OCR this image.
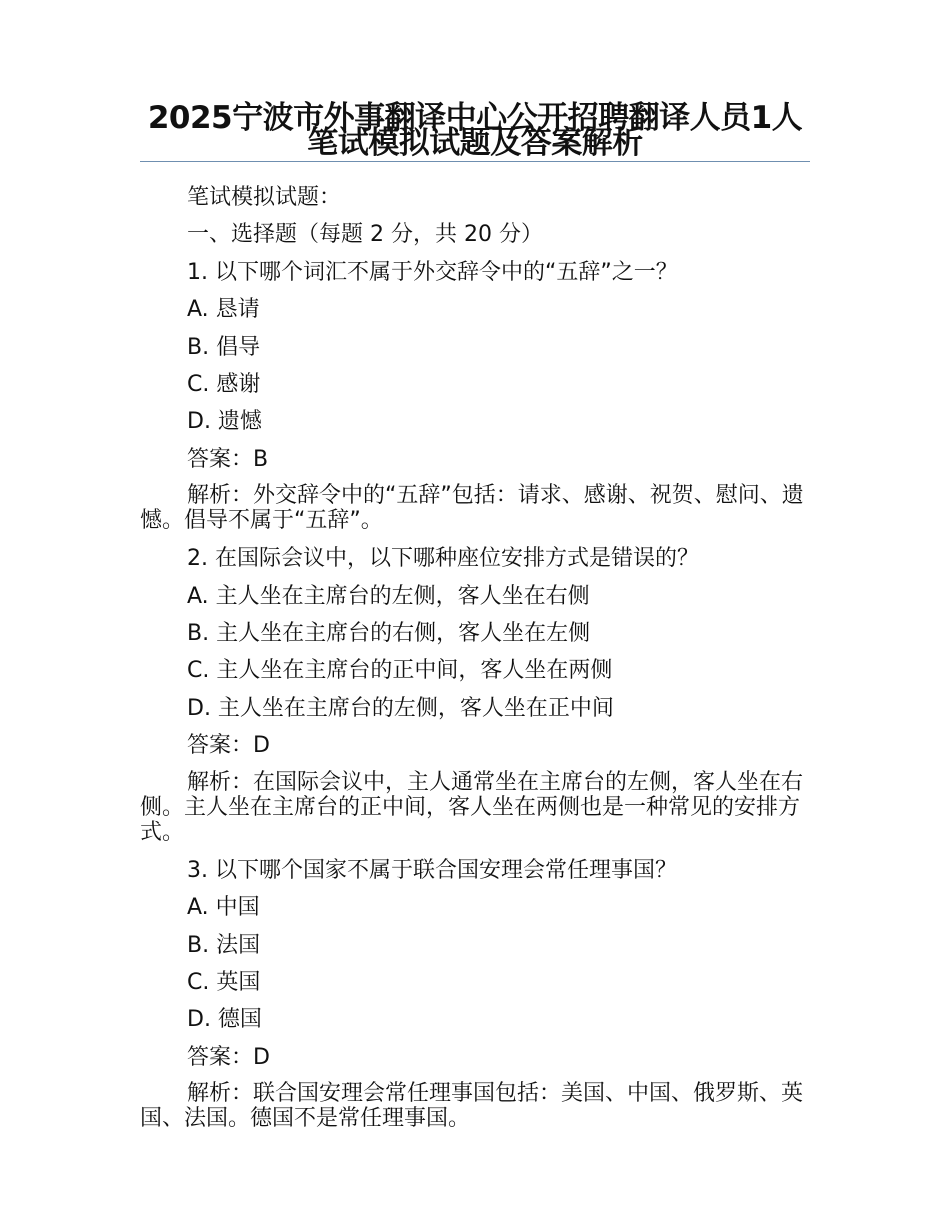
2025宁波市外事翻译中心公开招聘翻译人员1人笔试模拟试题及答案解析

笔试模拟试题：

一、选择题（每题 2 分，共 20 分）

1. 以下哪个词汇不属于外交辞令中的“五辞”之一？

A. 恳请

B. 倡导

C. 感谢

D. 遗憾

答案：B

解析：外交辞令中的“五辞”包括：请求、感谢、祝贺、慰问、遗憾。倡导不属于“五辞”。

2. 在国际会议中，以下哪种座位安排方式是错误的？

A. 主人坐在主席台的左侧，客人坐在右侧

B. 主人坐在主席台的右侧，客人坐在左侧

C. 主人坐在主席台的正中间，客人坐在两侧

D. 主人坐在主席台的左侧，客人坐在正中间

答案：D

解析：在国际会议中，主人通常坐在主席台的左侧，客人坐在右侧。主人坐在主席台的正中间，客人坐在两侧也是一种常见的安排方式。

3. 以下哪个国家不属于联合国安理会常任理事国？

A. 中国

B. 法国

C. 英国

D. 德国

答案：D

解析：联合国安理会常任理事国包括：美国、中国、俄罗斯、英国、法国。德国不是常任理事国。
